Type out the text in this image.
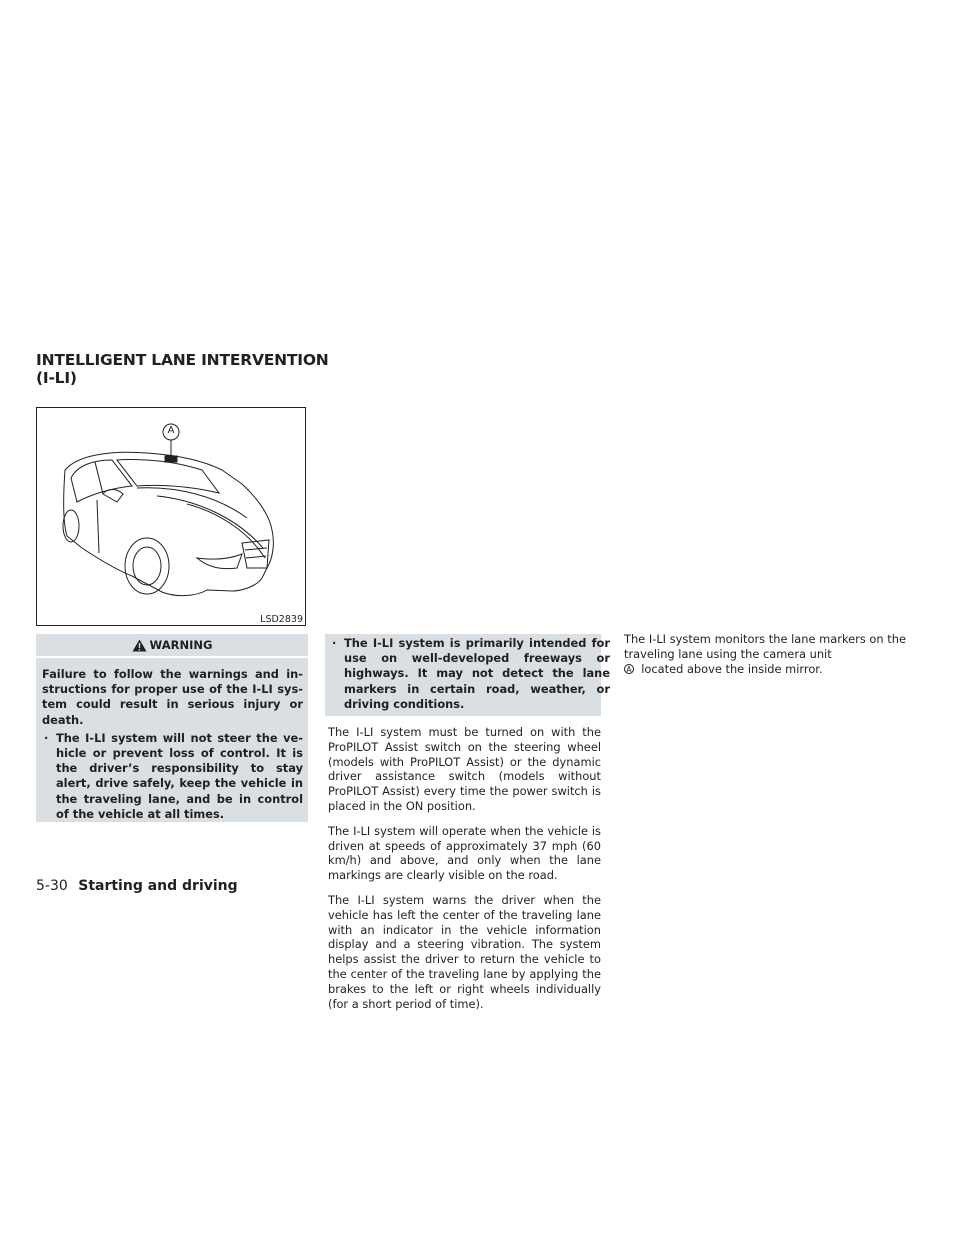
INTELLIGENT LANE INTERVENTION (I-LI)
A
LSD2839
WARNING
Failure to follow the warnings and instructions for proper use of the I-LI system could result in serious injury or death.
· The I-LI system will not steer the vehicle or prevent loss of control. It is the driver’s responsibility to stay alert, drive safely, keep the vehicle in the traveling lane, and be in control of the vehicle at all times.
· The I-LI system is primarily intended for use on well-developed freeways or highways. It may not detect the lane markers in certain road, weather, or driving conditions.

The I-LI system must be turned on with the ProPILOT Assist switch on the steering wheel (models with ProPILOT Assist) or the dynamic driver assistance switch (models without ProPILOT Assist) every time the power switch is placed in the ON position.

The I-LI system will operate when the vehicle is driven at speeds of approximately 37 mph (60 km/h) and above, and only when the lane markings are clearly visible on the road.

The I-LI system warns the driver when the vehicle has left the center of the traveling lane with an indicator in the vehicle information display and a steering vibration. The system helps assist the driver to return the vehicle to the center of the traveling lane by applying the brakes to the left or right wheels individually (for a short period of time).

The I-LI system monitors the lane markers on the traveling lane using the camera unit
A located above the inside mirror.

5-30 Starting and driving
